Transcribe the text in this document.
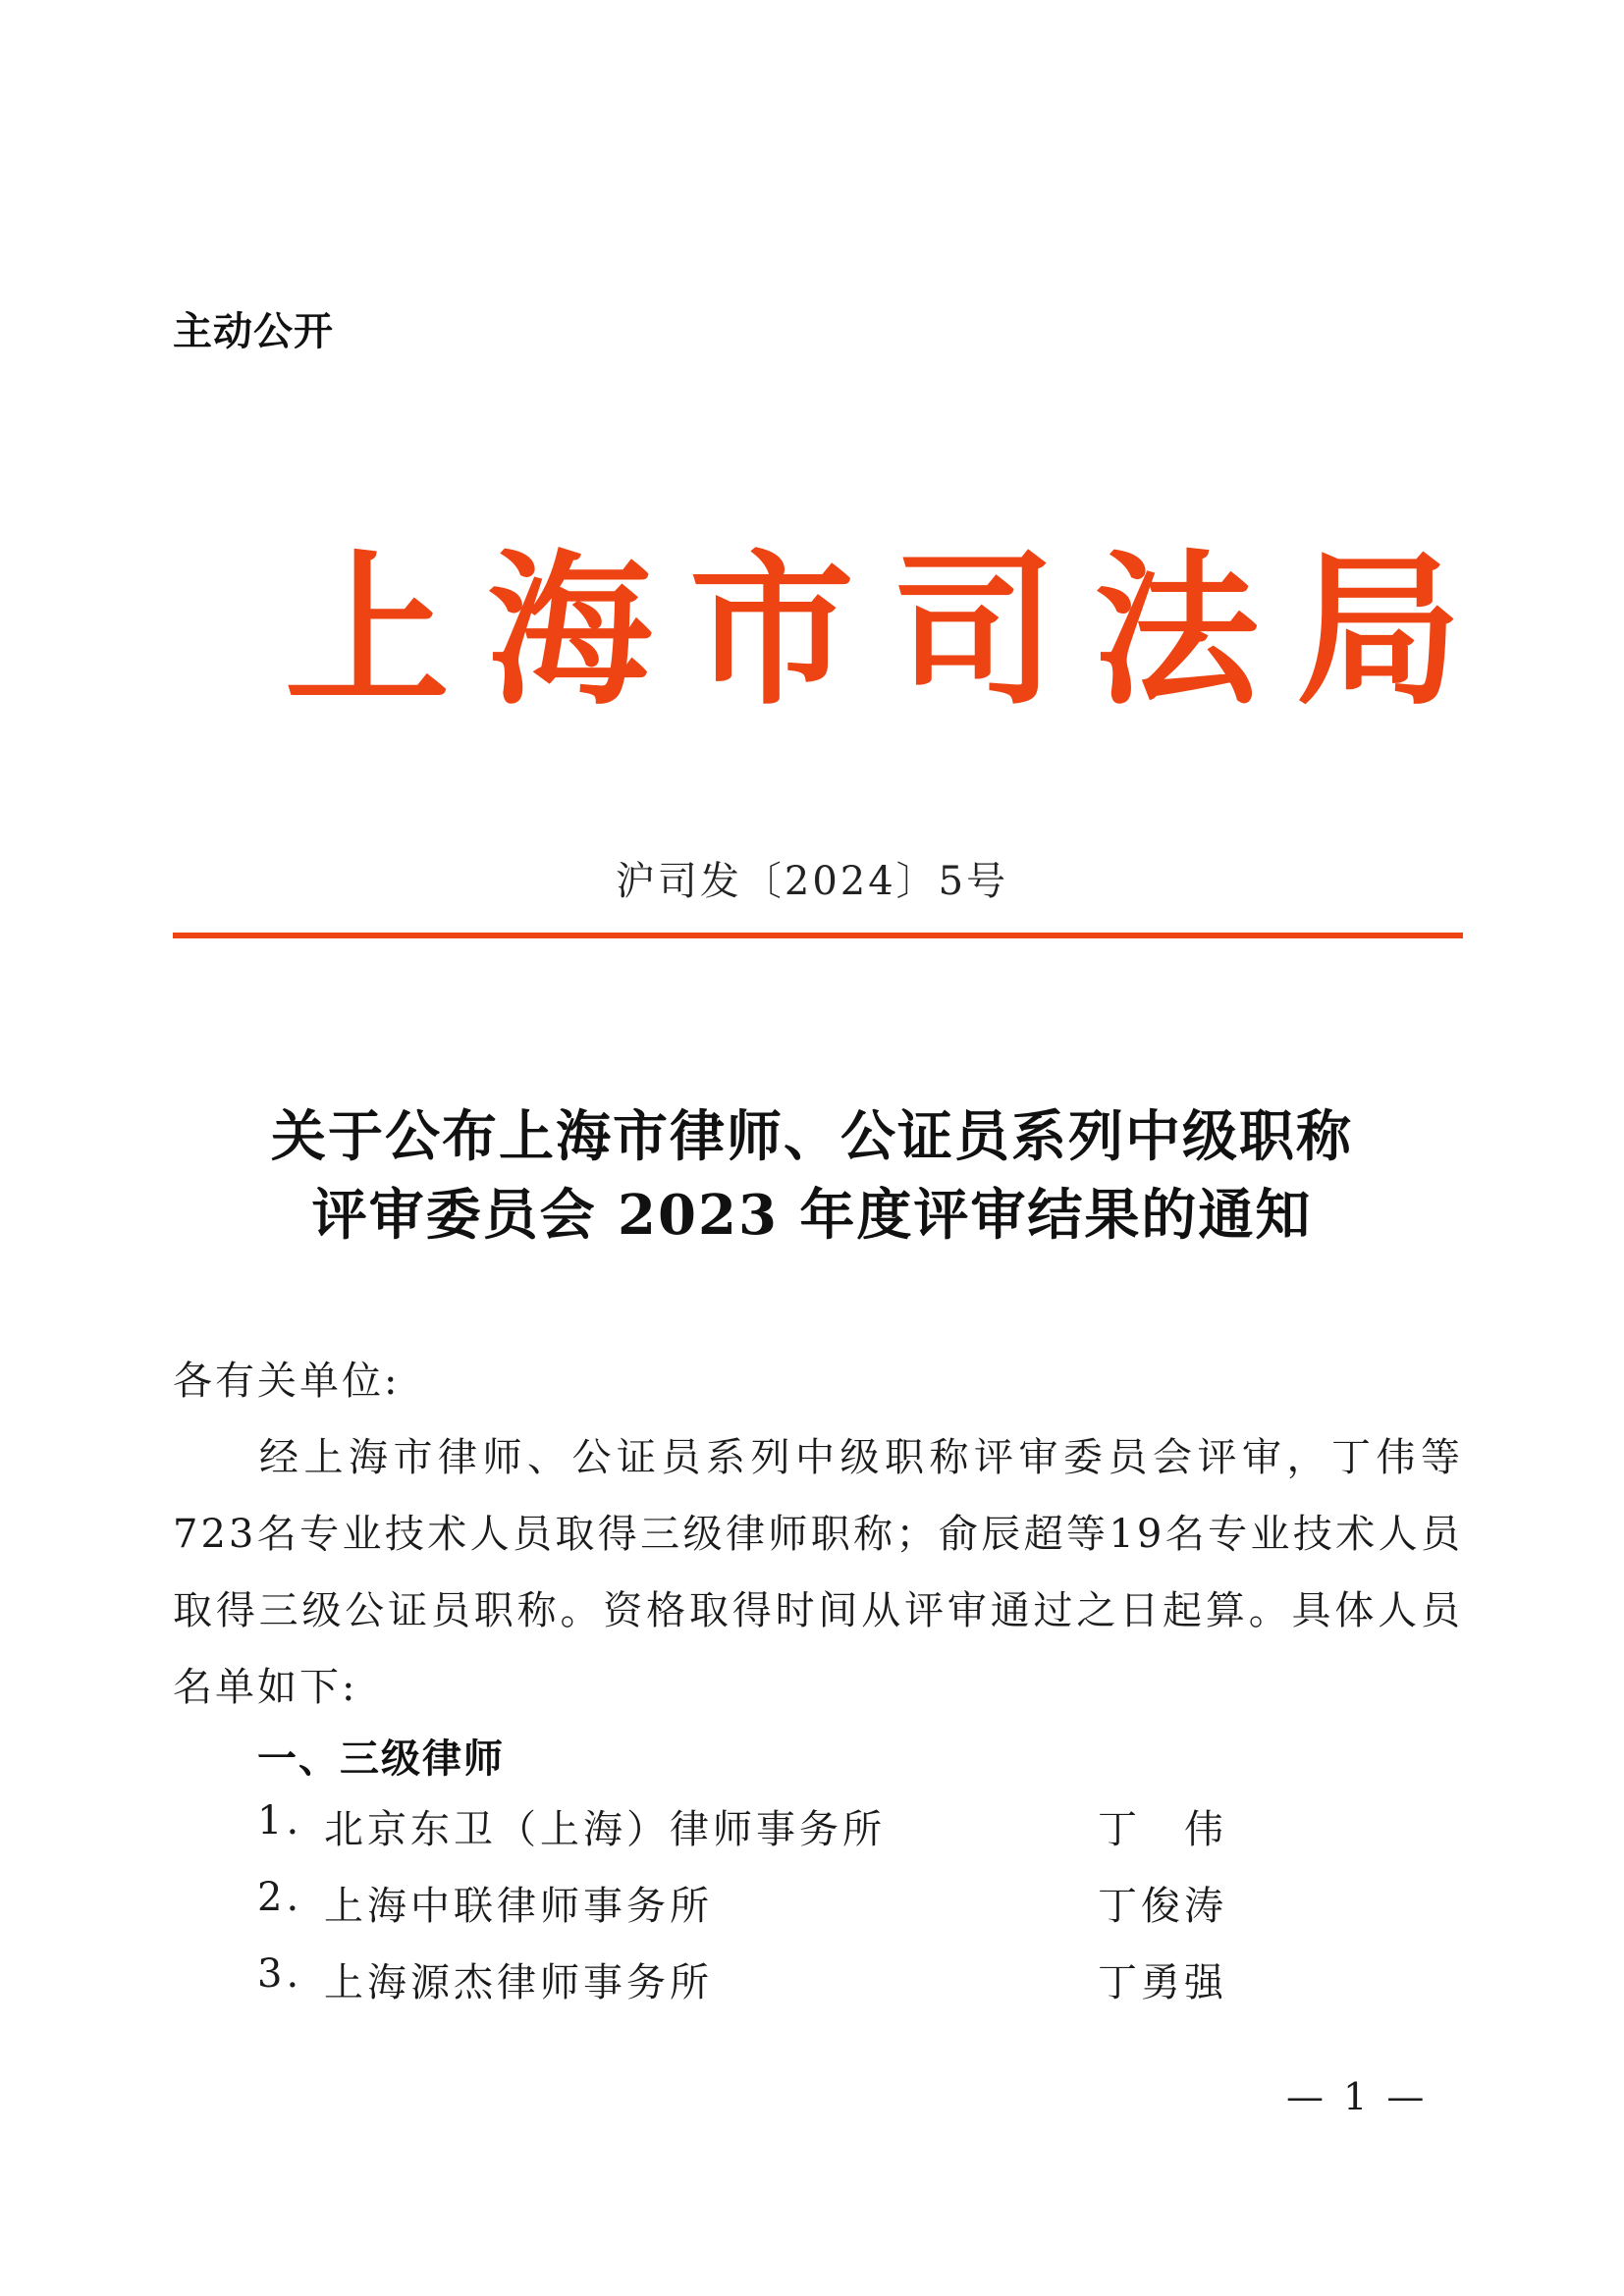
主动公开
上海市司法局
沪司发〔2024〕5号
关于公布上海市律师、公证员系列中级职称
评审委员会 2023 年度评审结果的通知
各有关单位:
经上海市律师、公证员系列中级职称评审委员会评审，丁伟等723名专业技术人员取得三级律师职称；俞辰超等19名专业技术人员取得三级公证员职称。资格取得时间从评审通过之日起算。具体人员名单如下:
一、三级律师
1. 北京东卫（上海）律师事务所	丁　伟
2. 上海中联律师事务所	丁俊涛
3. 上海源杰律师事务所	丁勇强
— 1 —
